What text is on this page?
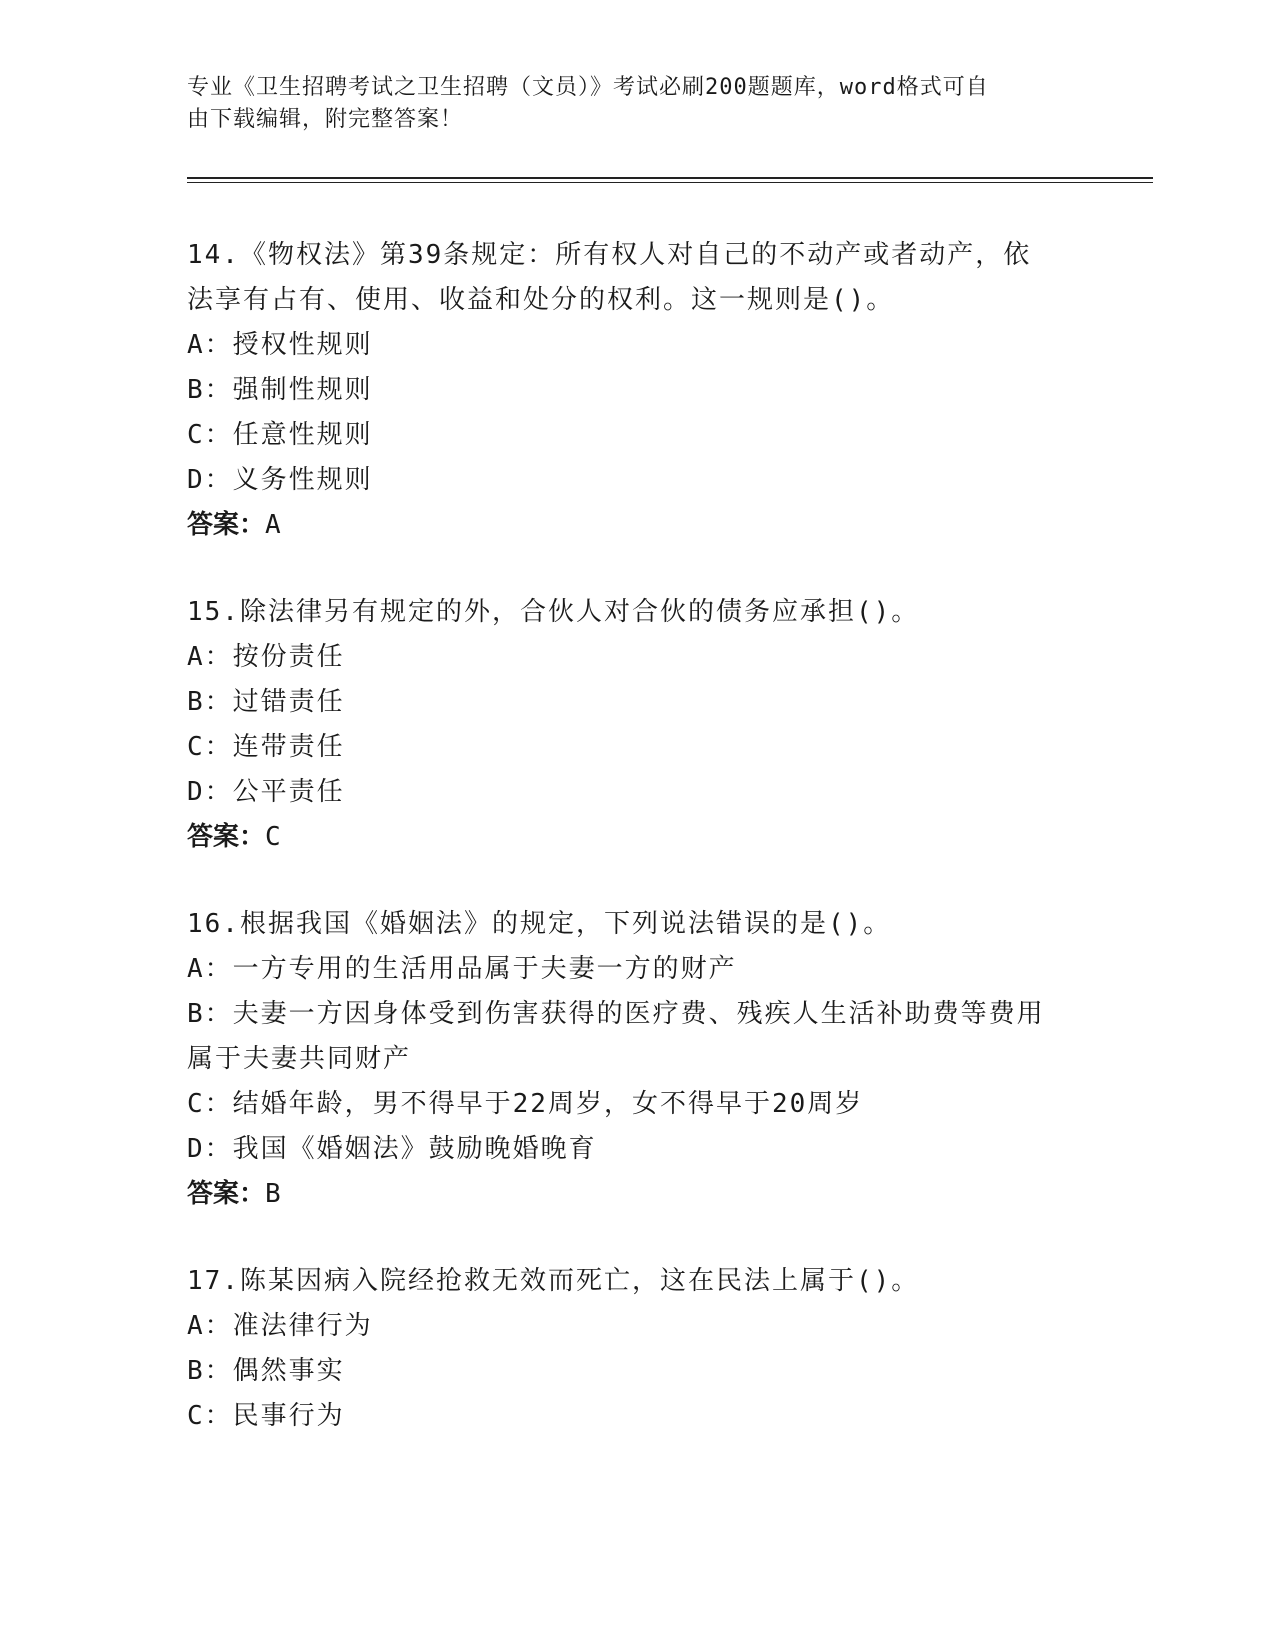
专业《卫生招聘考试之卫生招聘（文员）》考试必刷200题题库，word格式可自
由下载编辑，附完整答案！
14.《物权法》第39条规定：所有权人对自己的不动产或者动产，依
法享有占有、使用、收益和处分的权利。这一规则是()。
A：授权性规则
B：强制性规则
C：任意性规则
D：义务性规则
答案：A
15.除法律另有规定的外，合伙人对合伙的债务应承担()。
A：按份责任
B：过错责任
C：连带责任
D：公平责任
答案：C
16.根据我国《婚姻法》的规定，下列说法错误的是()。
A：一方专用的生活用品属于夫妻一方的财产
B：夫妻一方因身体受到伤害获得的医疗费、残疾人生活补助费等费用
属于夫妻共同财产
C：结婚年龄，男不得早于22周岁，女不得早于20周岁
D：我国《婚姻法》鼓励晚婚晚育
答案：B
17.陈某因病入院经抢救无效而死亡，这在民法上属于()。
A：准法律行为
B：偶然事实
C：民事行为
